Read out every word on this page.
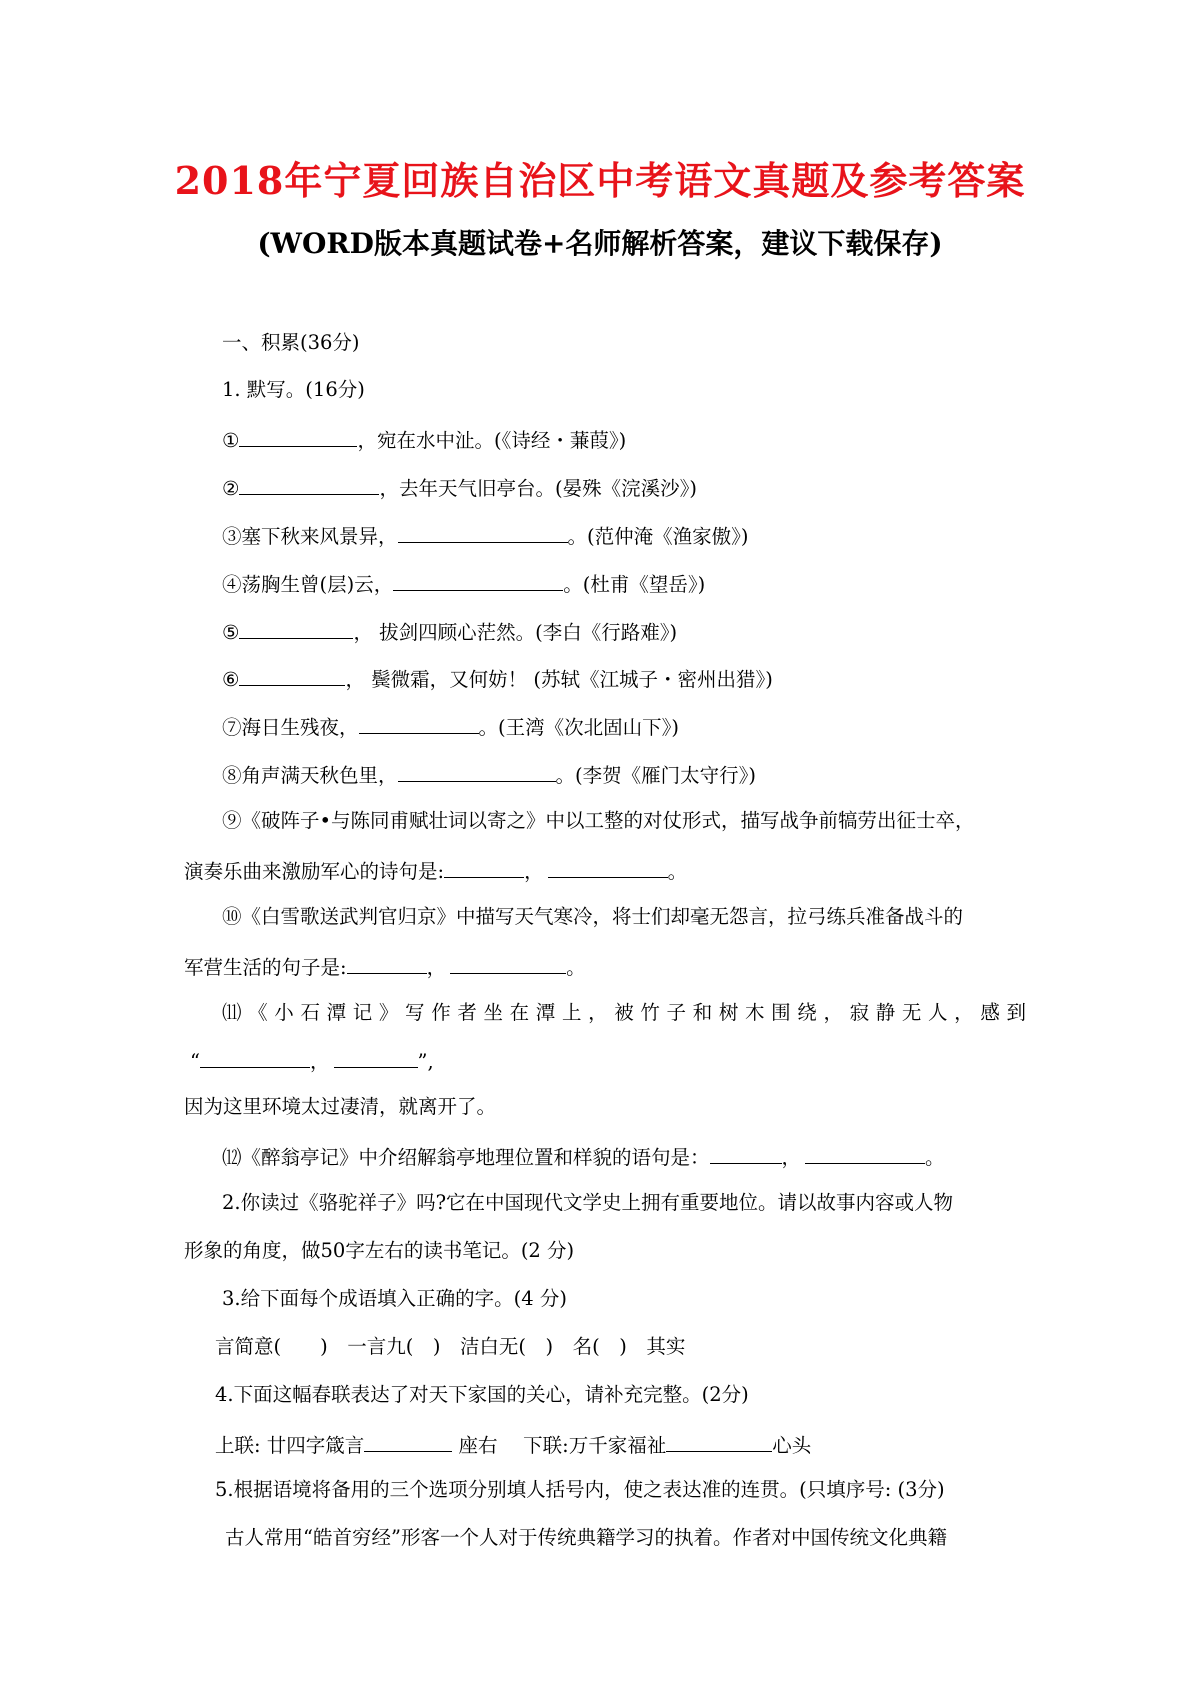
2018年宁夏回族自治区中考语文真题及参考答案
(WORD版本真题试卷+名师解析答案，建议下载保存)
一、积累(36分)
1. 默写。(16分)
①	，宛在水中沚。(《诗经・蒹葭》)
②	，去年天气旧亭台。(晏殊《浣溪沙》)
③塞下秋来风景异，	。(范仲淹《渔家傲》)
④荡胸生曾(层)云，	。(杜甫《望岳》)
⑤	， 拔剑四顾心茫然。(李白《行路难》)
⑥	， 鬓微霜，又何妨！ (苏轼《江城子・密州出猎》)
⑦海日生残夜，	。(王湾《次北固山下》)
⑧角声满天秋色里，	。(李贺《雁门太守行》)
⑨《破阵子•与陈同甫赋壮词以寄之》中以工整的对仗形式，描写战争前犒劳出征士卒，
演奏乐曲来激励军心的诗句是:	，	。
⑩《白雪歌送武判官归京》中描写天气寒冷，将士们却毫无怨言，拉弓练兵准备战斗的
军营生活的句子是:	，	。
⑾《小石潭记》写作者坐在潭上，被竹子和树木围绕，寂静无人，感到
“	，	”,
因为这里环境太过凄清，就离开了。
⑿《醉翁亭记》中介绍解翁亭地理位置和样貌的语句是：	，	。
2.你读过《骆驼祥子》吗?它在中国现代文学史上拥有重要地位。请以故事内容或人物
形象的角度，做50字左右的读书笔记。(2 分)
3.给下面每个成语填入正确的字。(4 分)
言简意(　　)　一言九(　)　洁白无(　)　名(　)　其实
4.下面这幅春联表达了对天下家国的关心，请补充完整。(2分)
上联: 廿四字箴言	座右　 下联:万千家福祉	心头
5.根据语境将备用的三个选项分别填人括号内，使之表达准的连贯。(只填序号: (3分)
古人常用“皓首穷经”形客一个人对于传统典籍学习的执着。作者对中国传统文化典籍
